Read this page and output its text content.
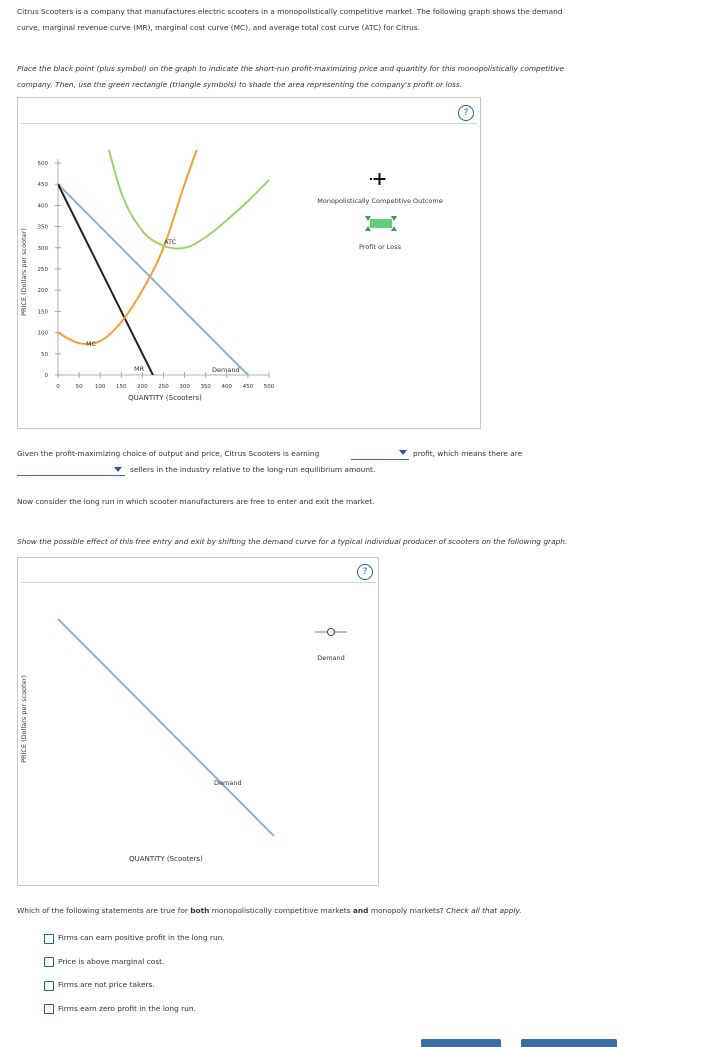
Citrus Scooters is a company that manufactures electric scooters in a monopolistically competitive market. The following graph shows the demand
curve, marginal revenue curve (MR), marginal cost curve (MC), and average total cost curve (ATC) for Citrus.
Place the black point (plus symbol) on the graph to indicate the short-run profit-maximizing price and quantity for this monopolistically competitive
company. Then, use the green rectangle (triangle symbols) to shade the area representing the company's profit or loss.
?
0
50
100
150
200
250
300
350
400
450
500
0	50 100 150 200 250 300 350 400 450 500
PRICE (Dollars per scooter)
QUANTITY (Scooters)
MC
ATC
MR	Demand
Monopolistically Competitive Outcome
Profit or Loss
Given the profit-maximizing choice of output and price, Citrus Scooters is earning	profit, which means there are
sellers in the industry relative to the long-run equilibrium amount.
Now consider the long run in which scooter manufacturers are free to enter and exit the market.
Show the possible effect of this free entry and exit by shifting the demand curve for a typical individual producer of scooters on the following graph.
?
PRICE (Dollars per scooter)
QUANTITY (Scooters)
Demand
Demand
Which of the following statements are true for both monopolistically competitive markets and monopoly markets? Check all that apply.
Firms can earn positive profit in the long run.
Price is above marginal cost.
Firms are not price takers.
Firms earn zero profit in the long run.
